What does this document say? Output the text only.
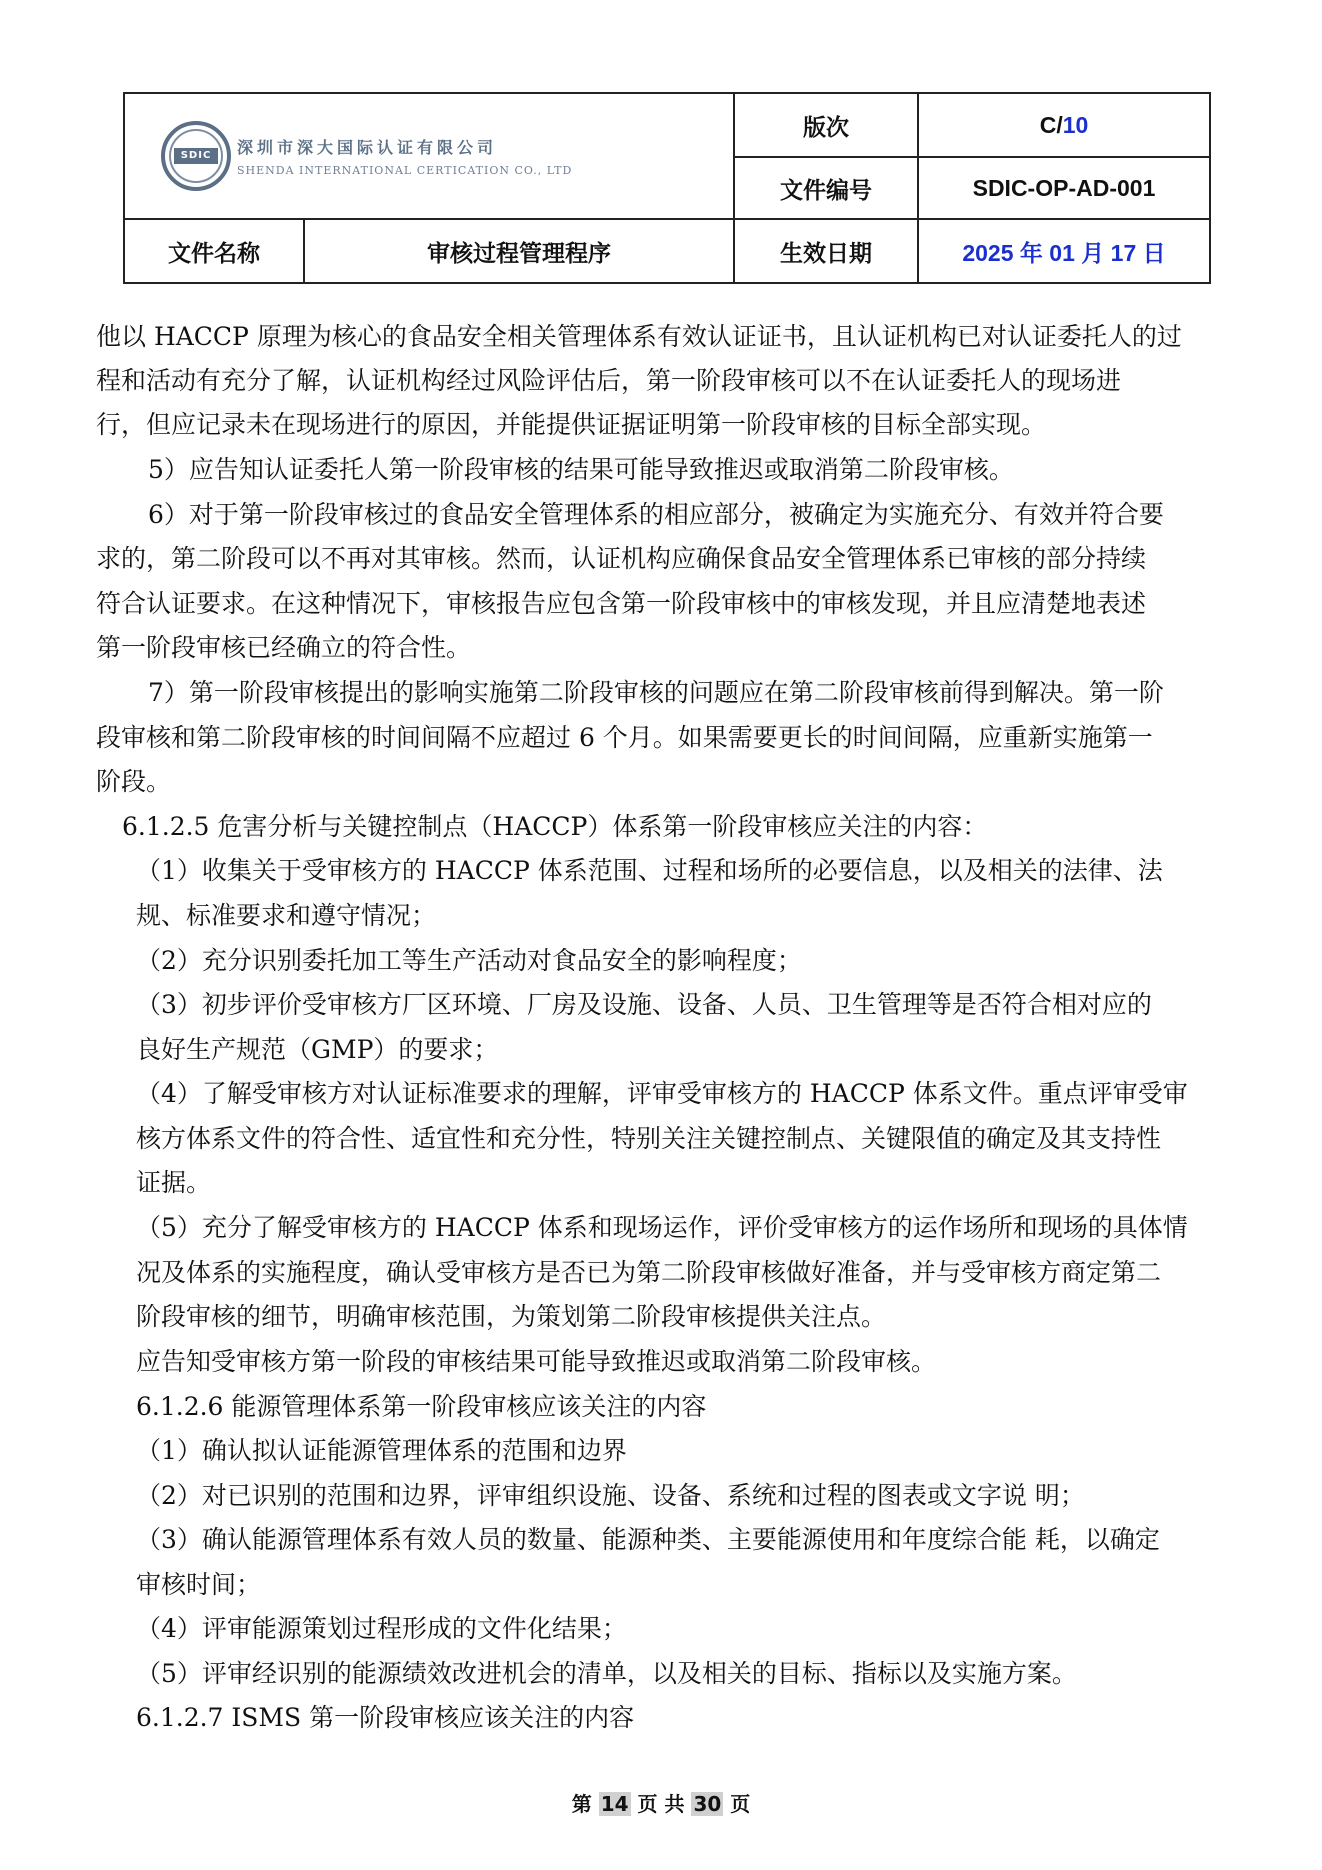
SDIC 深圳市深大国际认证有限公司
SHENDA INTERNATIONAL CERTICATION CO., LTD		版次	C/10
		文件编号	SDIC-OP-AD-001
文件名称	审核过程管理程序	生效日期	2025 年 01 月 17 日
他以 HACCP 原理为核心的食品安全相关管理体系有效认证证书，且认证机构已对认证委托人的过
程和活动有充分了解，认证机构经过风险评估后，第一阶段审核可以不在认证委托人的现场进
行，但应记录未在现场进行的原因，并能提供证据证明第一阶段审核的目标全部实现。
5）应告知认证委托人第一阶段审核的结果可能导致推迟或取消第二阶段审核。
6）对于第一阶段审核过的食品安全管理体系的相应部分，被确定为实施充分、有效并符合要
求的，第二阶段可以不再对其审核。然而，认证机构应确保食品安全管理体系已审核的部分持续
符合认证要求。在这种情况下，审核报告应包含第一阶段审核中的审核发现，并且应清楚地表述
第一阶段审核已经确立的符合性。
7）第一阶段审核提出的影响实施第二阶段审核的问题应在第二阶段审核前得到解决。第一阶
段审核和第二阶段审核的时间间隔不应超过 6 个月。如果需要更长的时间间隔，应重新实施第一
阶段。
6.1.2.5 危害分析与关键控制点（HACCP）体系第一阶段审核应关注的内容：
（1）收集关于受审核方的 HACCP 体系范围、过程和场所的必要信息，以及相关的法律、法
规、标准要求和遵守情况；
（2）充分识别委托加工等生产活动对食品安全的影响程度；
（3）初步评价受审核方厂区环境、厂房及设施、设备、人员、卫生管理等是否符合相对应的
良好生产规范（GMP）的要求；
（4）了解受审核方对认证标准要求的理解，评审受审核方的 HACCP 体系文件。重点评审受审
核方体系文件的符合性、适宜性和充分性，特别关注关键控制点、关键限值的确定及其支持性
证据。
（5）充分了解受审核方的 HACCP 体系和现场运作，评价受审核方的运作场所和现场的具体情
况及体系的实施程度，确认受审核方是否已为第二阶段审核做好准备，并与受审核方商定第二
阶段审核的细节，明确审核范围，为策划第二阶段审核提供关注点。
应告知受审核方第一阶段的审核结果可能导致推迟或取消第二阶段审核。
6.1.2.6 能源管理体系第一阶段审核应该关注的内容
（1）确认拟认证能源管理体系的范围和边界
（2）对已识别的范围和边界，评审组织设施、设备、系统和过程的图表或文字说 明；
（3）确认能源管理体系有效人员的数量、能源种类、主要能源使用和年度综合能 耗，以确定
审核时间；
（4）评审能源策划过程形成的文件化结果；
（5）评审经识别的能源绩效改进机会的清单，以及相关的目标、指标以及实施方案。
6.1.2.7 ISMS 第一阶段审核应该关注的内容
第 14 页 共 30 页
